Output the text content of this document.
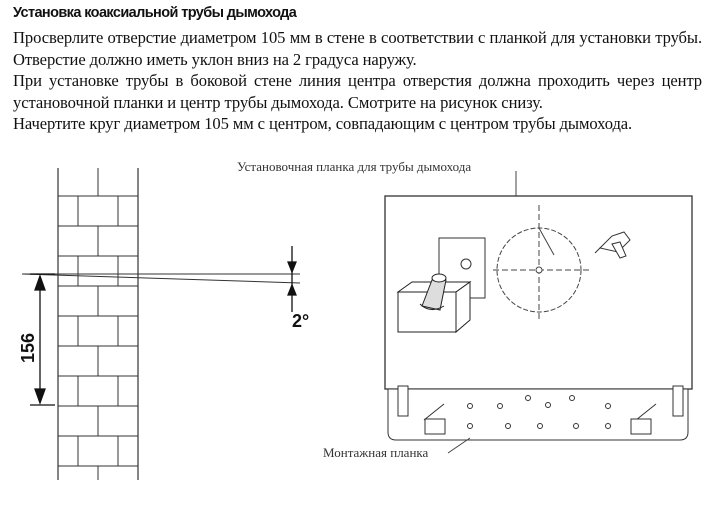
Установка коаксиальной трубы дымохода
Просверлите отверстие диаметром 105 мм в стене в соответствии с планкой для установки трубы. Отверстие должно иметь уклон вниз на 2 градуса наружу.
При установке трубы в боковой стене линия центра отверстия должна проходить через центр установочной планки и центр трубы дымохода. Смотрите на рисунок снизу.
Начертите круг диаметром 105 мм с центром, совпадающим с центром трубы дымохода.
156
2°
Установочная планка для трубы дымохода
Монтажная планка
